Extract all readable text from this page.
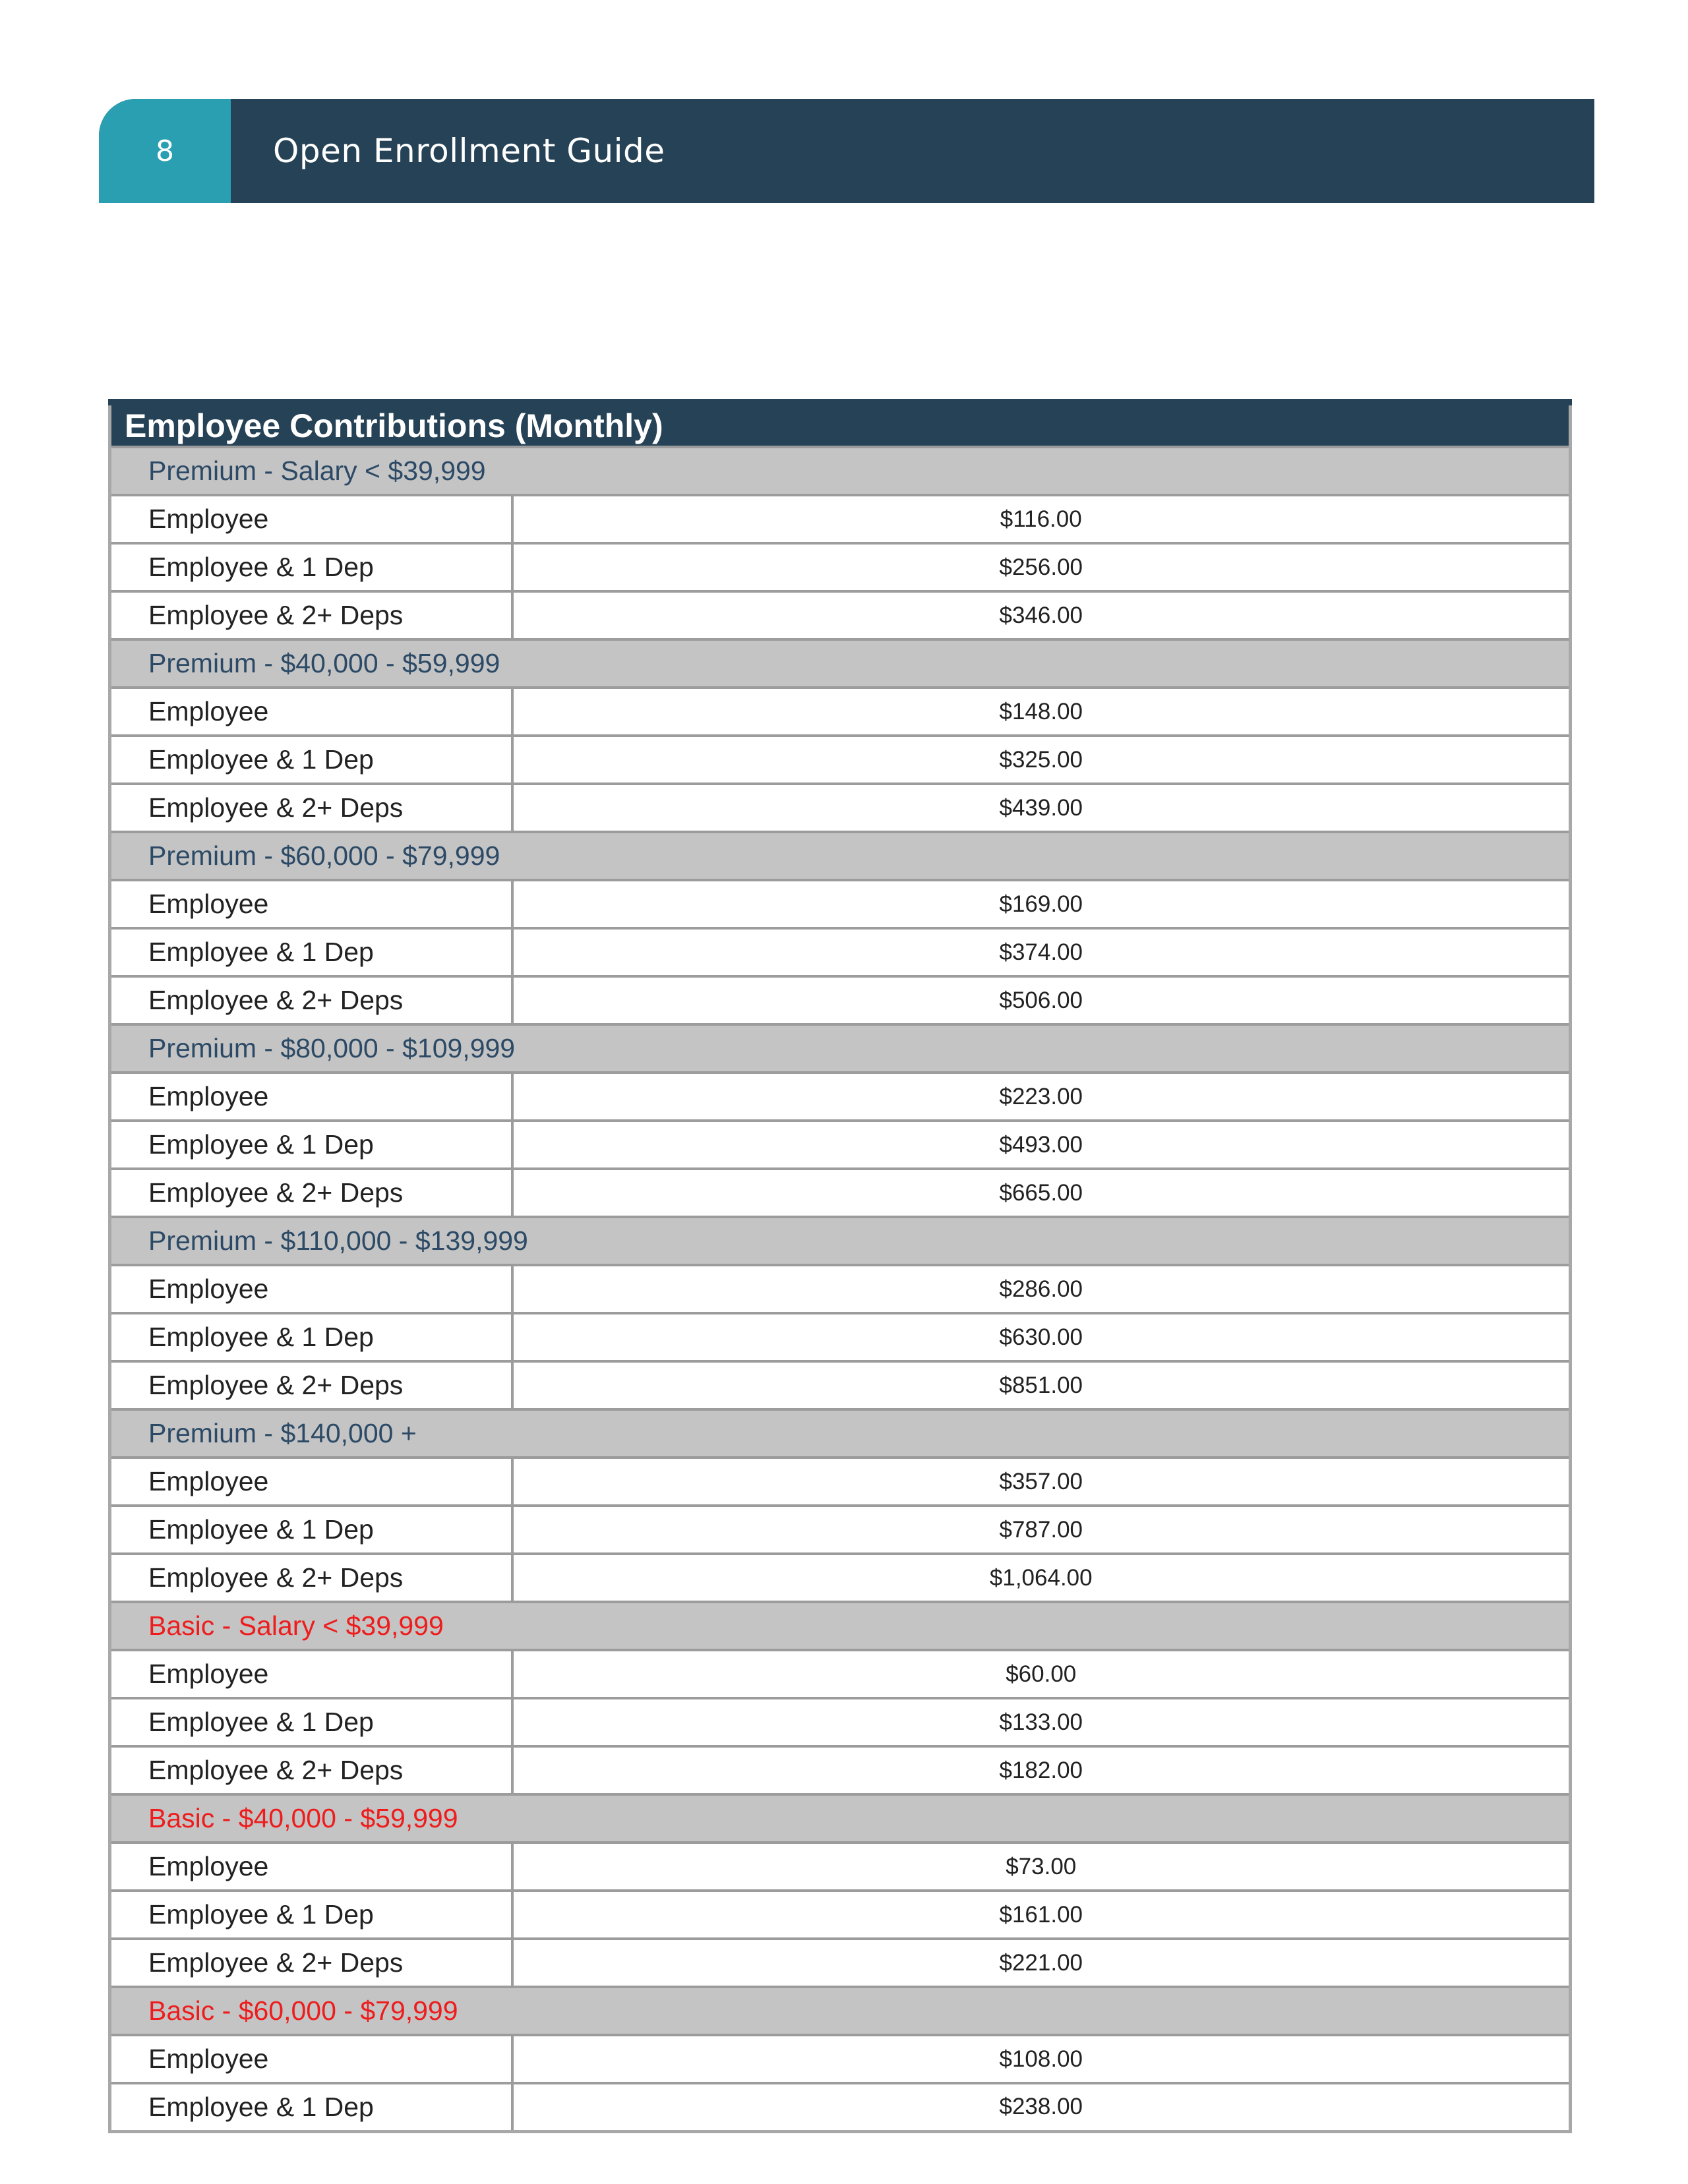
8	Open Enrollment Guide
Employee Contributions (Monthly)	
Premium - Salary < $39,999	
Employee	$116.00
Employee & 1 Dep	$256.00
Employee & 2+ Deps	$346.00
Premium - $40,000 - $59,999	
Employee	$148.00
Employee & 1 Dep	$325.00
Employee & 2+ Deps	$439.00
Premium - $60,000 - $79,999	
Employee	$169.00
Employee & 1 Dep	$374.00
Employee & 2+ Deps	$506.00
Premium - $80,000 - $109,999	
Employee	$223.00
Employee & 1 Dep	$493.00
Employee & 2+ Deps	$665.00
Premium - $110,000 - $139,999	
Employee	$286.00
Employee & 1 Dep	$630.00
Employee & 2+ Deps	$851.00
Premium - $140,000 +	
Employee	$357.00
Employee & 1 Dep	$787.00
Employee & 2+ Deps	$1,064.00
Basic - Salary < $39,999	
Employee	$60.00
Employee & 1 Dep	$133.00
Employee & 2+ Deps	$182.00
Basic - $40,000 - $59,999	
Employee	$73.00
Employee & 1 Dep	$161.00
Employee & 2+ Deps	$221.00
Basic - $60,000 - $79,999	
Employee	$108.00
Employee & 1 Dep	$238.00
